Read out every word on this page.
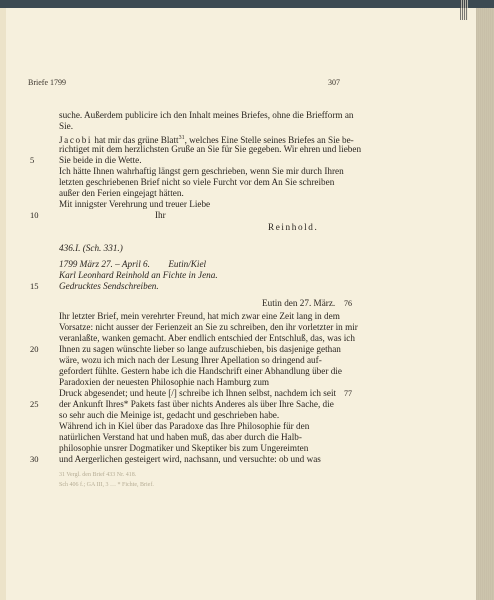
Briefe 1799	307
suche. Außerdem publicire ich den Inhalt meines Briefes, ohne die Briefform an
Sie.
Jacobi hat mir das grüne Blatt$^{31}$, welches Eine Stelle seines Briefes an Sie be-
richtiget mit dem herzlichsten Gruße an Sie für Sie gegeben. Wir ehren und lieben
5	Sie beide in die Wette.
Ich hätte Ihnen wahrhaftig längst gern geschrieben, wenn Sie mir durch Ihren
letzten geschriebenen Brief nicht so viele Furcht vor dem An Sie schreiben
außer den Ferien eingejagt hätten.
Mit innigster Verehrung und treuer Liebe
10	Ihr
Reinhold.
436.I. (Sch. 331.)
1799 März 27. – April 6.        Eutin/Kiel
Karl Leonhard Reinhold an Fichte in Jena.
15	Gedrucktes Sendschreiben.
Eutin den 27. März. 76
Ihr letzter Brief, mein verehrter Freund, hat mich zwar eine Zeit lang in dem
Vorsatze: nicht ausser der Ferienzeit an Sie zu schreiben, den ihr vorletzter in mir
veranlaßte, wanken gemacht. Aber endlich entschied der Entschluß, das, was ich
20	Ihnen zu sagen wünschte lieber so lange aufzuschieben, bis dasjenige gethan
wäre, wozu ich mich nach der Lesung Ihrer Apellation so dringend auf-
gefordert fühlte. Gestern habe ich die Handschrift einer Abhandlung über die
Paradoxien der neuesten Philosophie nach Hamburg zum
Druck abgesendet; und heute [/] schreibe ich Ihnen selbst, nachdem ich seit 77
25	der Ankunft Ihres* Pakets fast über nichts Anderes als über Ihre Sache, die
so sehr auch die Meinige ist, gedacht und geschrieben habe.
Während ich in Kiel über das Paradoxe das Ihre Philosophie für den
natürlichen Verstand hat und haben muß, das aber durch die Halb-
philosophie unsrer Dogmatiker und Skeptiker bis zum Ungereimten
30	und Aergerlichen gesteigert wird, nachsann, und versuchte: ob und was
31 Vergl. den Brief 433 Nr. 418.
Sch 406 f.; GA III, 3 … * Fichte, Brief.
